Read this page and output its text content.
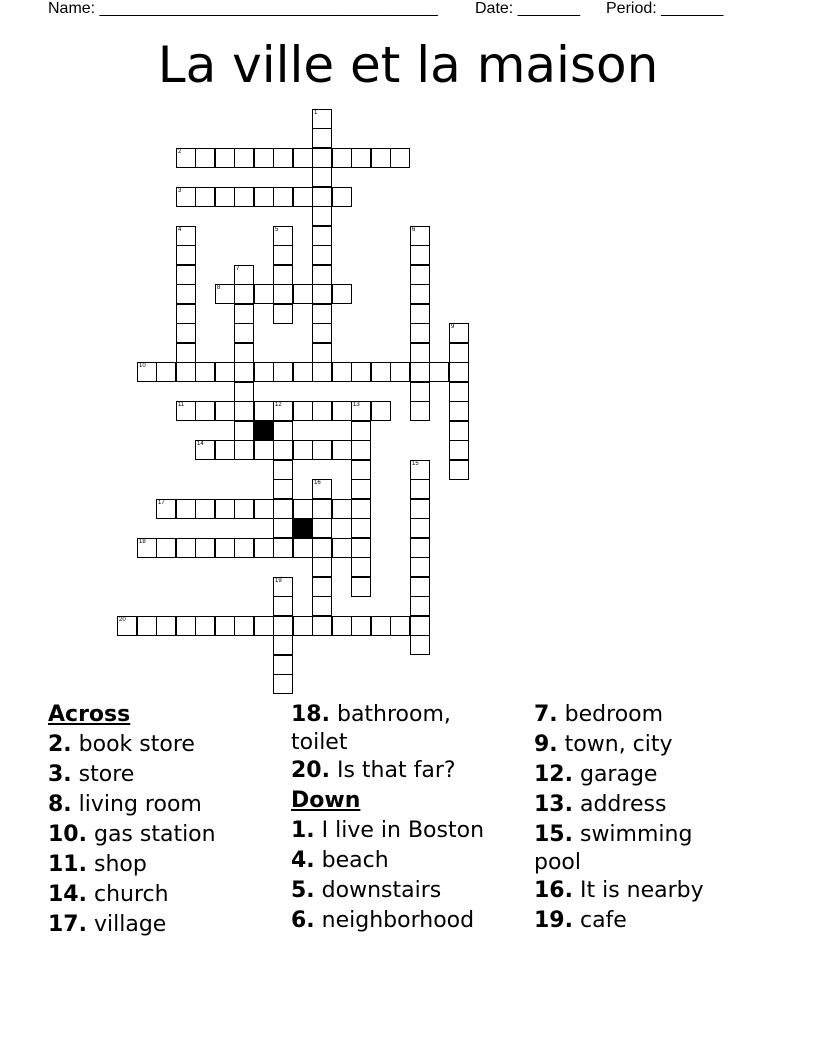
Name: ______________________________________ Date: _______ Period: _______
La ville et la maison
1
2
3
4	5	6
7
8
9
10
11	12	13
14
15
16
17
18
19
20
Across
2. book store
3. store
8. living room
10. gas station
11. shop
14. church
17. village
18. bathroom,
toilet
20. Is that far?
Down
1. I live in Boston
4. beach
5. downstairs
6. neighborhood
7. bedroom
9. town, city
12. garage
13. address
15. swimming
pool
16. It is nearby
19. cafe
